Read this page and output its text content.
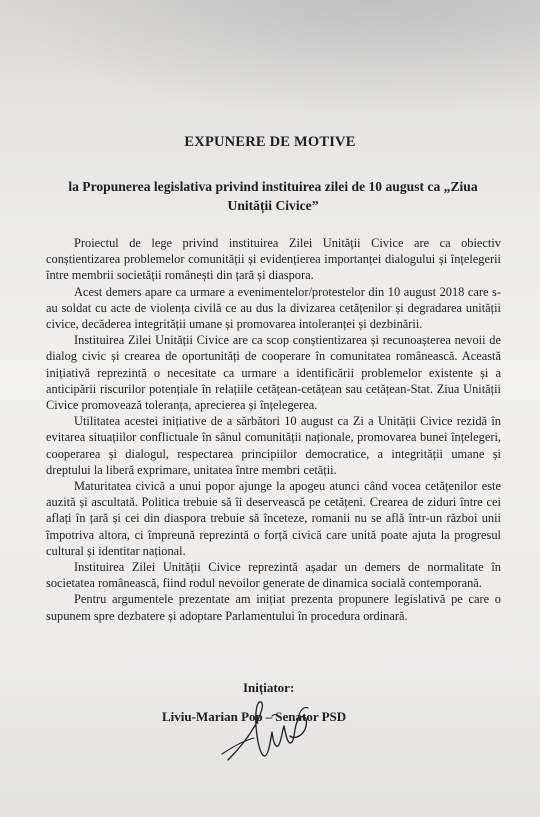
EXPUNERE DE MOTIVE
la Propunerea legislativa privind instituirea zilei de 10 august ca „Ziua Unității Civice”

Proiectul de lege privind instituirea Zilei Unității Civice are ca obiectiv conștientizarea problemelor comunității și evidențierea importanței dialogului și înțelegerii între membrii societății românești din țară și diaspora.

Acest demers apare ca urmare a evenimentelor/protestelor din 10 august 2018 care s-au soldat cu acte de violența civilă ce au dus la divizarea cetățenilor și degradarea unității civice, decăderea integrității umane și promovarea intoleranței și dezbinării.

Instituirea Zilei Unității Civice are ca scop conștientizarea și recunoașterea nevoii de dialog civic și crearea de oportunități de cooperare în comunitatea românească. Această inițiativă reprezintă o necesitate ca urmare a identificării problemelor existente și a anticipării riscurilor potențiale în relațiile cetățean-cetățean sau cetățean-Stat. Ziua Unității Civice promovează toleranța, aprecierea și înțelegerea.

Utilitatea acestei inițiative de a sărbători 10 august ca Zi a Unității Civice rezidă în evitarea situațiilor conflictuale în sânul comunității naționale, promovarea bunei înțelegeri, cooperarea și dialogul, respectarea principiilor democratice, a integrității umane și dreptului la liberă exprimare, unitatea între membri cetății.

Maturitatea civică a unui popor ajunge la apogeu atunci când vocea cetățenilor este auzită și ascultată. Politica trebuie să îi deservească pe cetățeni. Crearea de ziduri între cei aflați în țară și cei din diaspora trebuie să înceteze, romanii nu se află într-un război unii împotriva altora, ci împreună reprezintă o forță civică care unită poate ajuta la progresul cultural și identitar național.

Instituirea Zilei Unității Civice reprezintă așadar un demers de normalitate în societatea românească, fiind rodul nevoilor generate de dinamica socială contemporană.

Pentru argumentele prezentate am inițiat prezenta propunere legislativă pe care o supunem spre dezbatere și adoptare Parlamentului în procedura ordinară.

Inițiator:
Liviu-Marian Pop – Senator PSD
